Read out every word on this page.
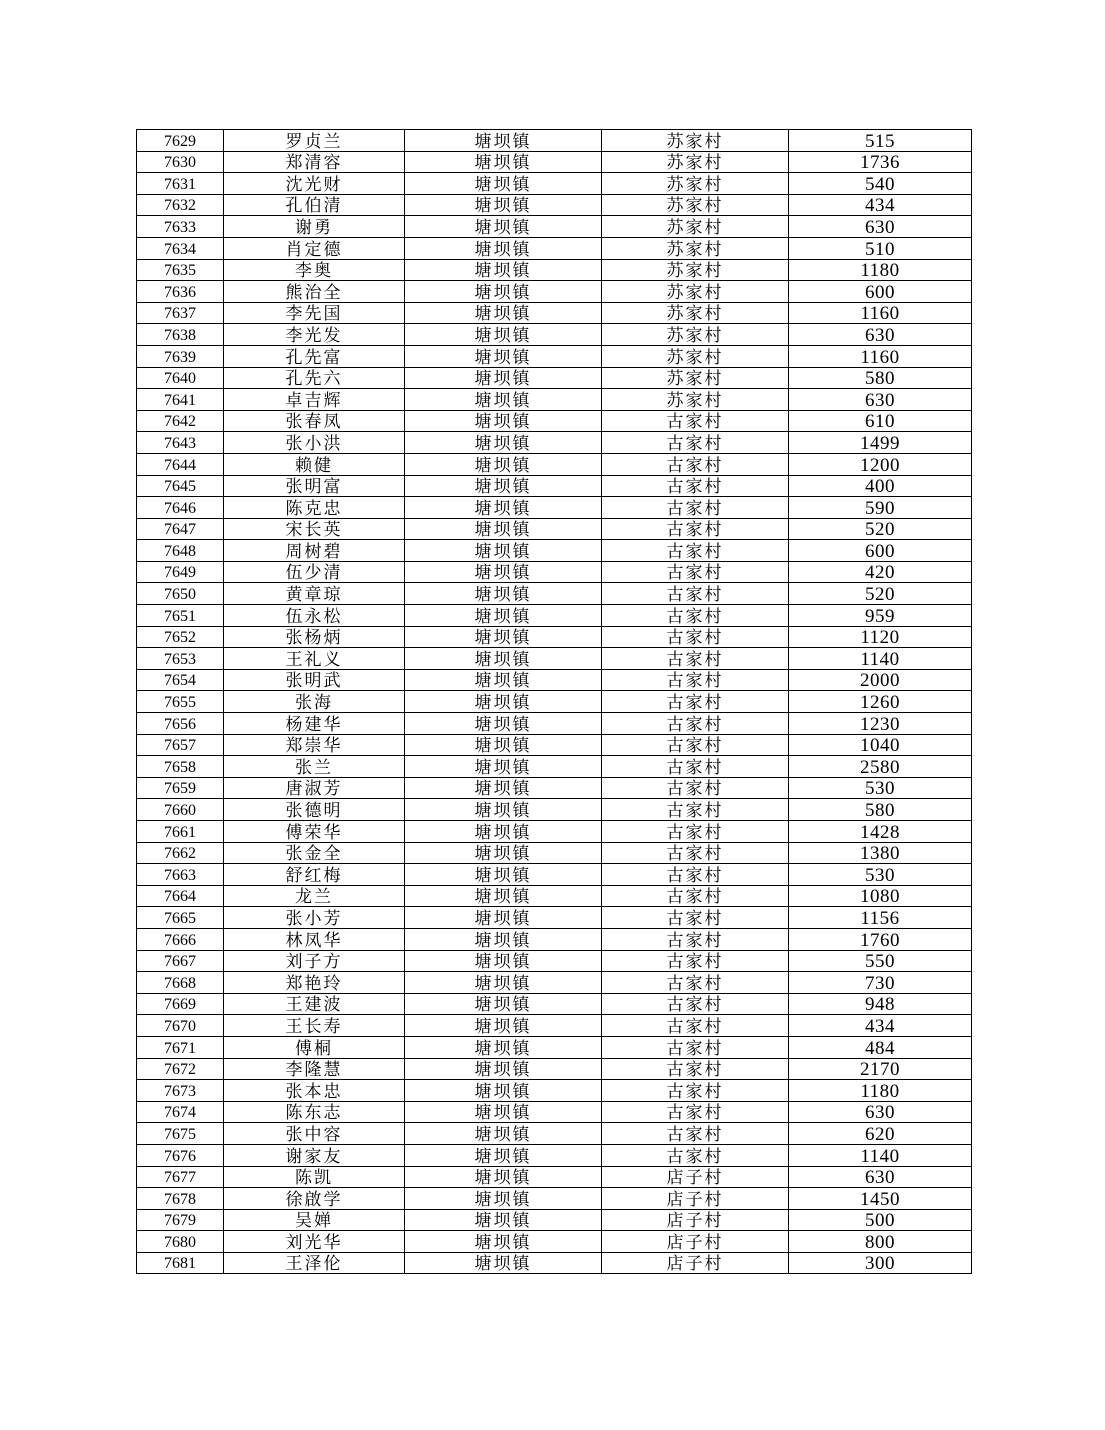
7629	罗贞兰	塘坝镇	苏家村	515
7630	郑清容	塘坝镇	苏家村	1736
7631	沈光财	塘坝镇	苏家村	540
7632	孔伯清	塘坝镇	苏家村	434
7633	谢勇	塘坝镇	苏家村	630
7634	肖定德	塘坝镇	苏家村	510
7635	李奥	塘坝镇	苏家村	1180
7636	熊治全	塘坝镇	苏家村	600
7637	李先国	塘坝镇	苏家村	1160
7638	李光发	塘坝镇	苏家村	630
7639	孔先富	塘坝镇	苏家村	1160
7640	孔先六	塘坝镇	苏家村	580
7641	卓吉辉	塘坝镇	苏家村	630
7642	张春凤	塘坝镇	古家村	610
7643	张小洪	塘坝镇	古家村	1499
7644	赖健	塘坝镇	古家村	1200
7645	张明富	塘坝镇	古家村	400
7646	陈克忠	塘坝镇	古家村	590
7647	宋长英	塘坝镇	古家村	520
7648	周树碧	塘坝镇	古家村	600
7649	伍少清	塘坝镇	古家村	420
7650	黄章琼	塘坝镇	古家村	520
7651	伍永松	塘坝镇	古家村	959
7652	张杨炳	塘坝镇	古家村	1120
7653	王礼义	塘坝镇	古家村	1140
7654	张明武	塘坝镇	古家村	2000
7655	张海	塘坝镇	古家村	1260
7656	杨建华	塘坝镇	古家村	1230
7657	郑崇华	塘坝镇	古家村	1040
7658	张兰	塘坝镇	古家村	2580
7659	唐淑芳	塘坝镇	古家村	530
7660	张德明	塘坝镇	古家村	580
7661	傅荣华	塘坝镇	古家村	1428
7662	张金全	塘坝镇	古家村	1380
7663	舒红梅	塘坝镇	古家村	530
7664	龙兰	塘坝镇	古家村	1080
7665	张小芳	塘坝镇	古家村	1156
7666	林凤华	塘坝镇	古家村	1760
7667	刘子方	塘坝镇	古家村	550
7668	郑艳玲	塘坝镇	古家村	730
7669	王建波	塘坝镇	古家村	948
7670	王长寿	塘坝镇	古家村	434
7671	傅桐	塘坝镇	古家村	484
7672	李隆慧	塘坝镇	古家村	2170
7673	张本忠	塘坝镇	古家村	1180
7674	陈东志	塘坝镇	古家村	630
7675	张中容	塘坝镇	古家村	620
7676	谢家友	塘坝镇	古家村	1140
7677	陈凯	塘坝镇	店子村	630
7678	徐啟学	塘坝镇	店子村	1450
7679	吴婵	塘坝镇	店子村	500
7680	刘光华	塘坝镇	店子村	800
7681	王泽伦	塘坝镇	店子村	300
